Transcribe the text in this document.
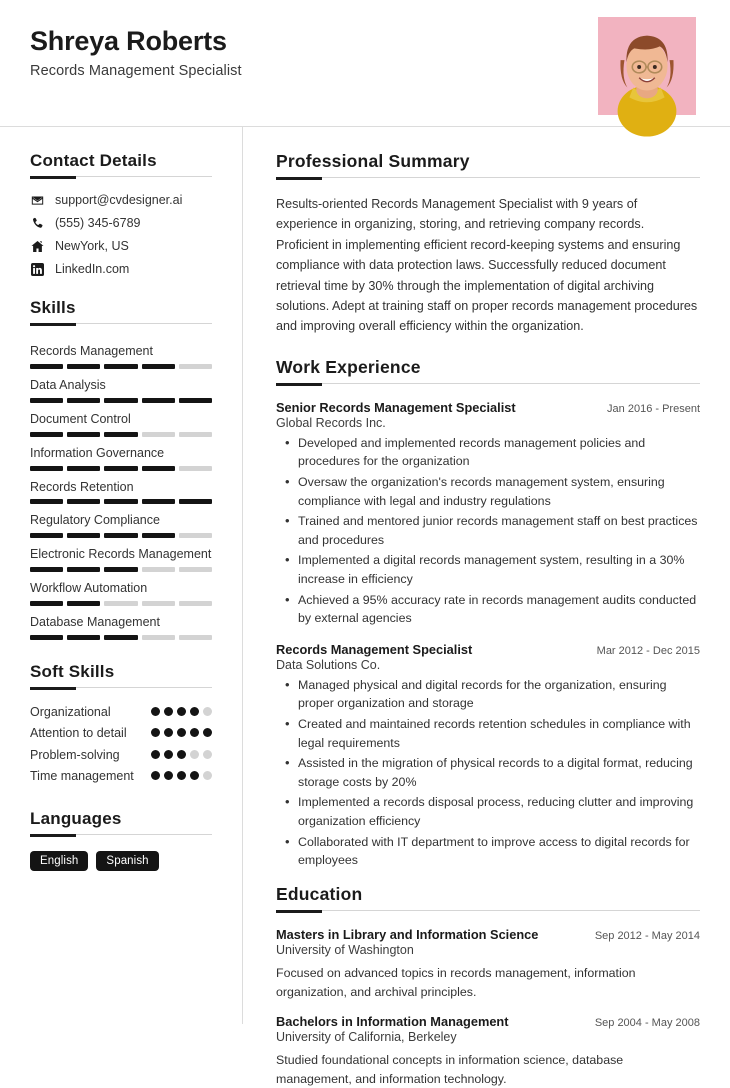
Shreya Roberts
Records Management Specialist
Contact Details
support@cvdesigner.ai
(555) 345-6789
NewYork, US
LinkedIn.com
Skills
Records Management
Data Analysis
Document Control
Information Governance
Records Retention
Regulatory Compliance
Electronic Records Management
Workflow Automation
Database Management
Soft Skills
Organizational
Attention to detail
Problem-solving
Time management
Languages
English	Spanish
Professional Summary
Results-oriented Records Management Specialist with 9 years of experience in organizing, storing, and retrieving company records. Proficient in implementing efficient record-keeping systems and ensuring compliance with data protection laws. Successfully reduced document retrieval time by 30% through the implementation of digital archiving solutions. Adept at training staff on proper records management procedures and improving overall efficiency within the organization.
Work Experience
Senior Records Management Specialist	Jan 2016 - Present
Global Records Inc.
• Developed and implemented records management policies and procedures for the organization
• Oversaw the organization's records management system, ensuring compliance with legal and industry regulations
• Trained and mentored junior records management staff on best practices and procedures
• Implemented a digital records management system, resulting in a 30% increase in efficiency
• Achieved a 95% accuracy rate in records management audits conducted by external agencies
Records Management Specialist	Mar 2012 - Dec 2015
Data Solutions Co.
• Managed physical and digital records for the organization, ensuring proper organization and storage
• Created and maintained records retention schedules in compliance with legal requirements
• Assisted in the migration of physical records to a digital format, reducing storage costs by 20%
• Implemented a records disposal process, reducing clutter and improving organization efficiency
• Collaborated with IT department to improve access to digital records for employees
Education
Masters in Library and Information Science	Sep 2012 - May 2014
University of Washington
Focused on advanced topics in records management, information organization, and archival principles.
Bachelors in Information Management	Sep 2004 - May 2008
University of California, Berkeley
Studied foundational concepts in information science, database management, and information technology.
